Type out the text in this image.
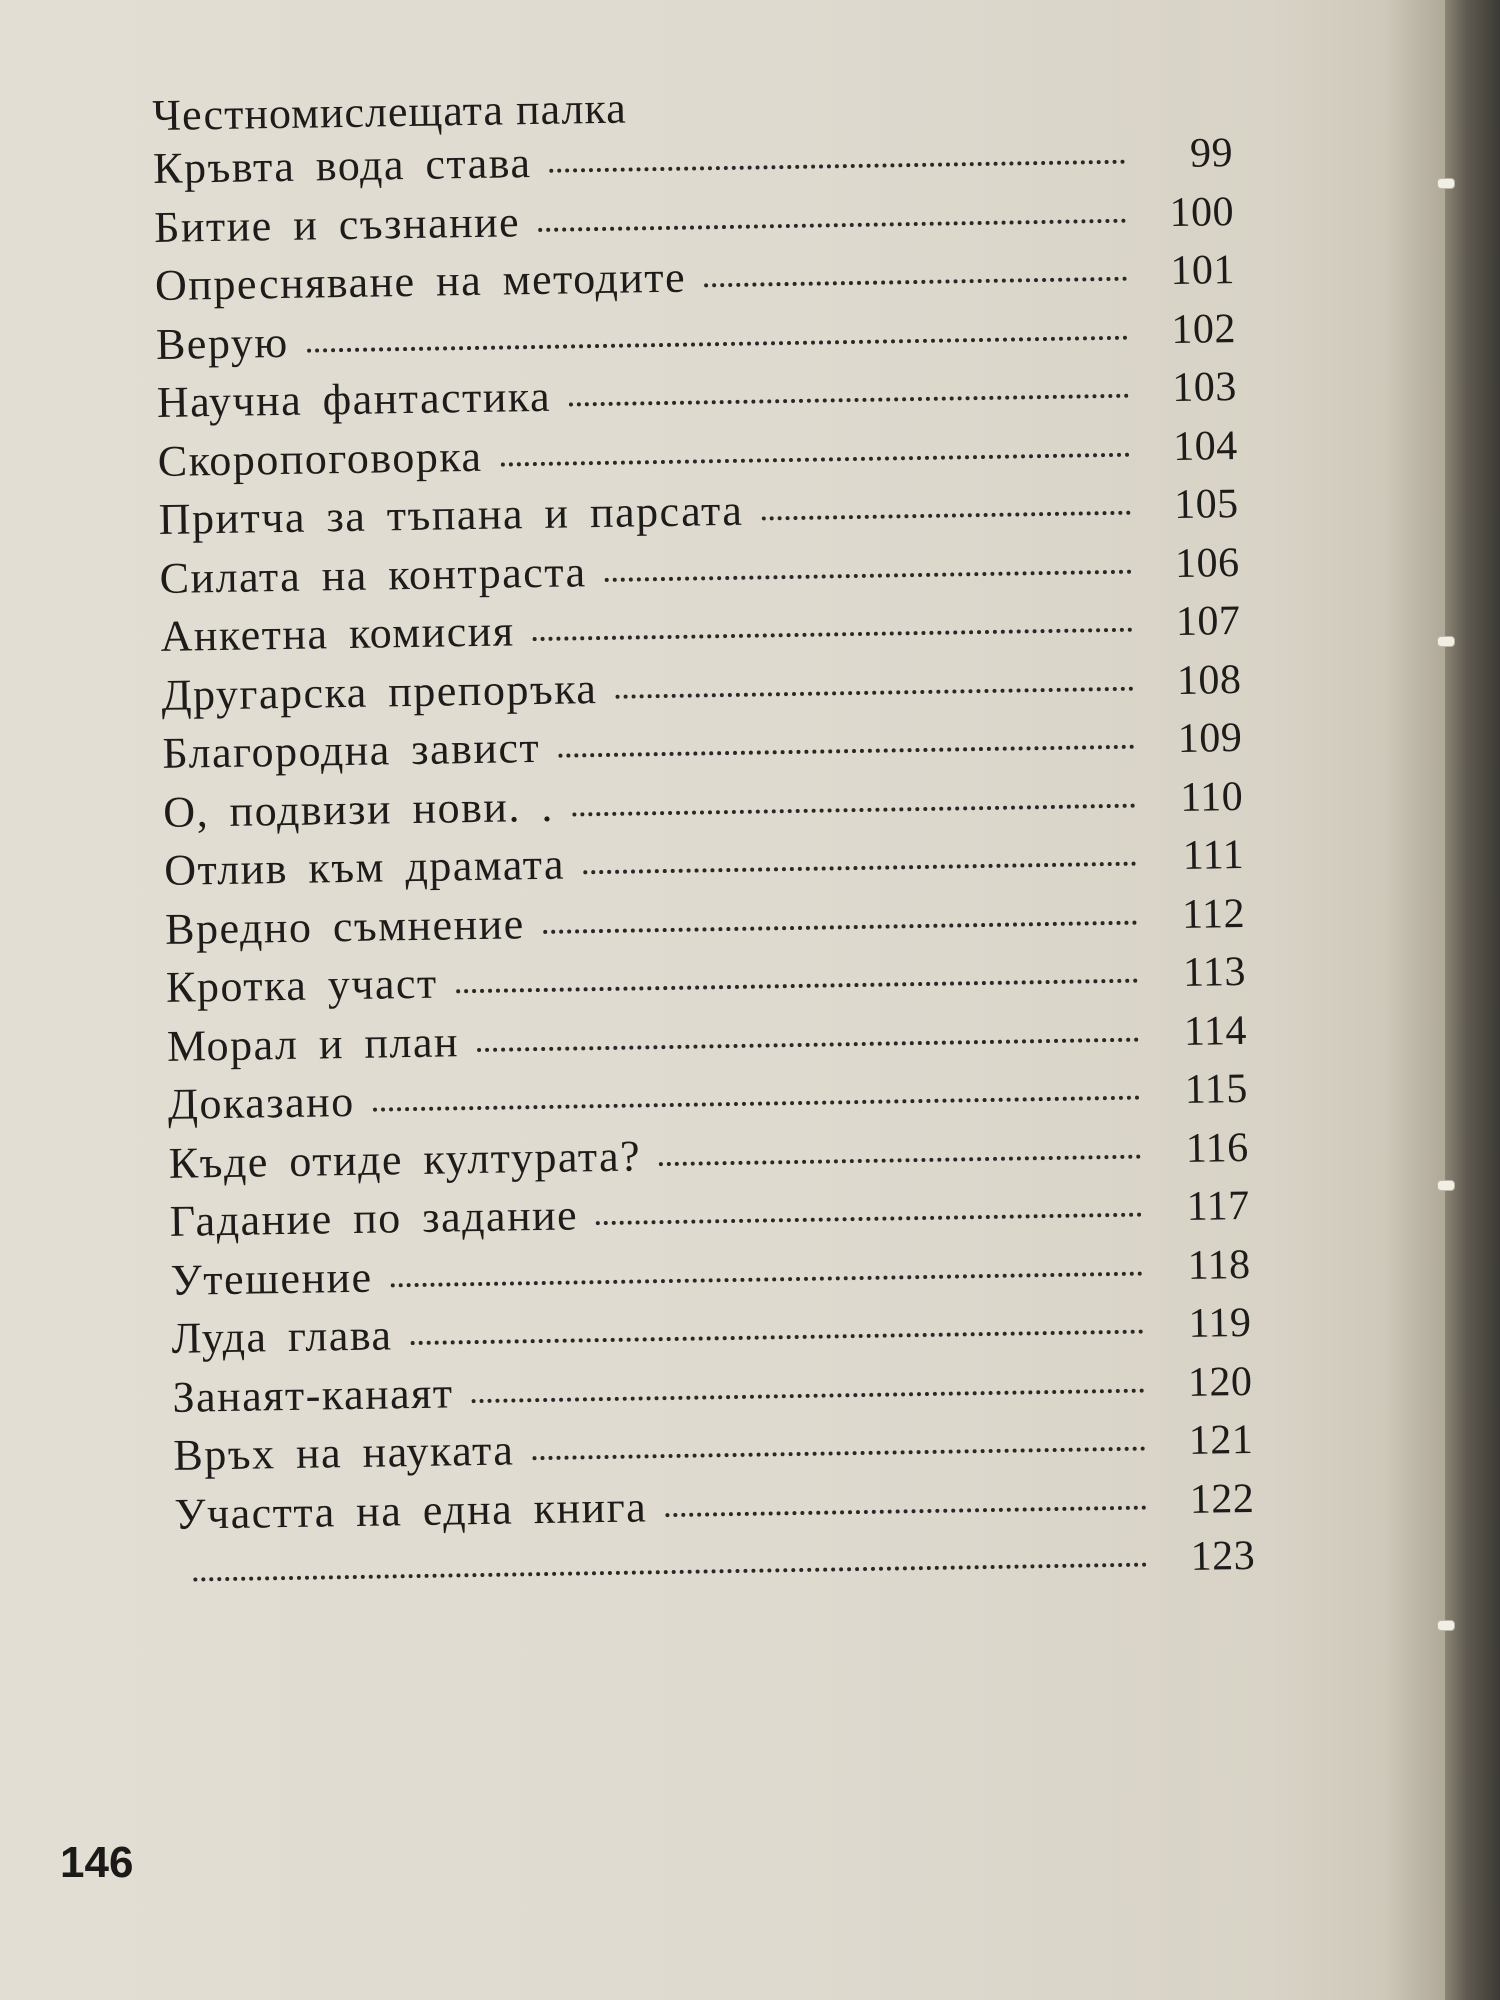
Честномислещата палка
Кръвта вода става	99
Битие и съзнание	100
Опресняване на методите	101
Верую	102
Научна фантастика	103
Скоропоговорка	104
Притча за тъпана и парсата	105
Силата на контраста	106
Анкетна комисия	107
Другарска препоръка	108
Благородна завист	109
О, подвизи нови. .	110
Отлив към драмата	111
Вредно съмнение	112
Кротка участ	113
Морал и план	114
Доказано	115
Къде отиде културата?	116
Гадание по задание	117
Утешение	118
Луда глава	119
Занаят-канаят	120
Връх на науката	121
Участта на една книга	122
123
146
